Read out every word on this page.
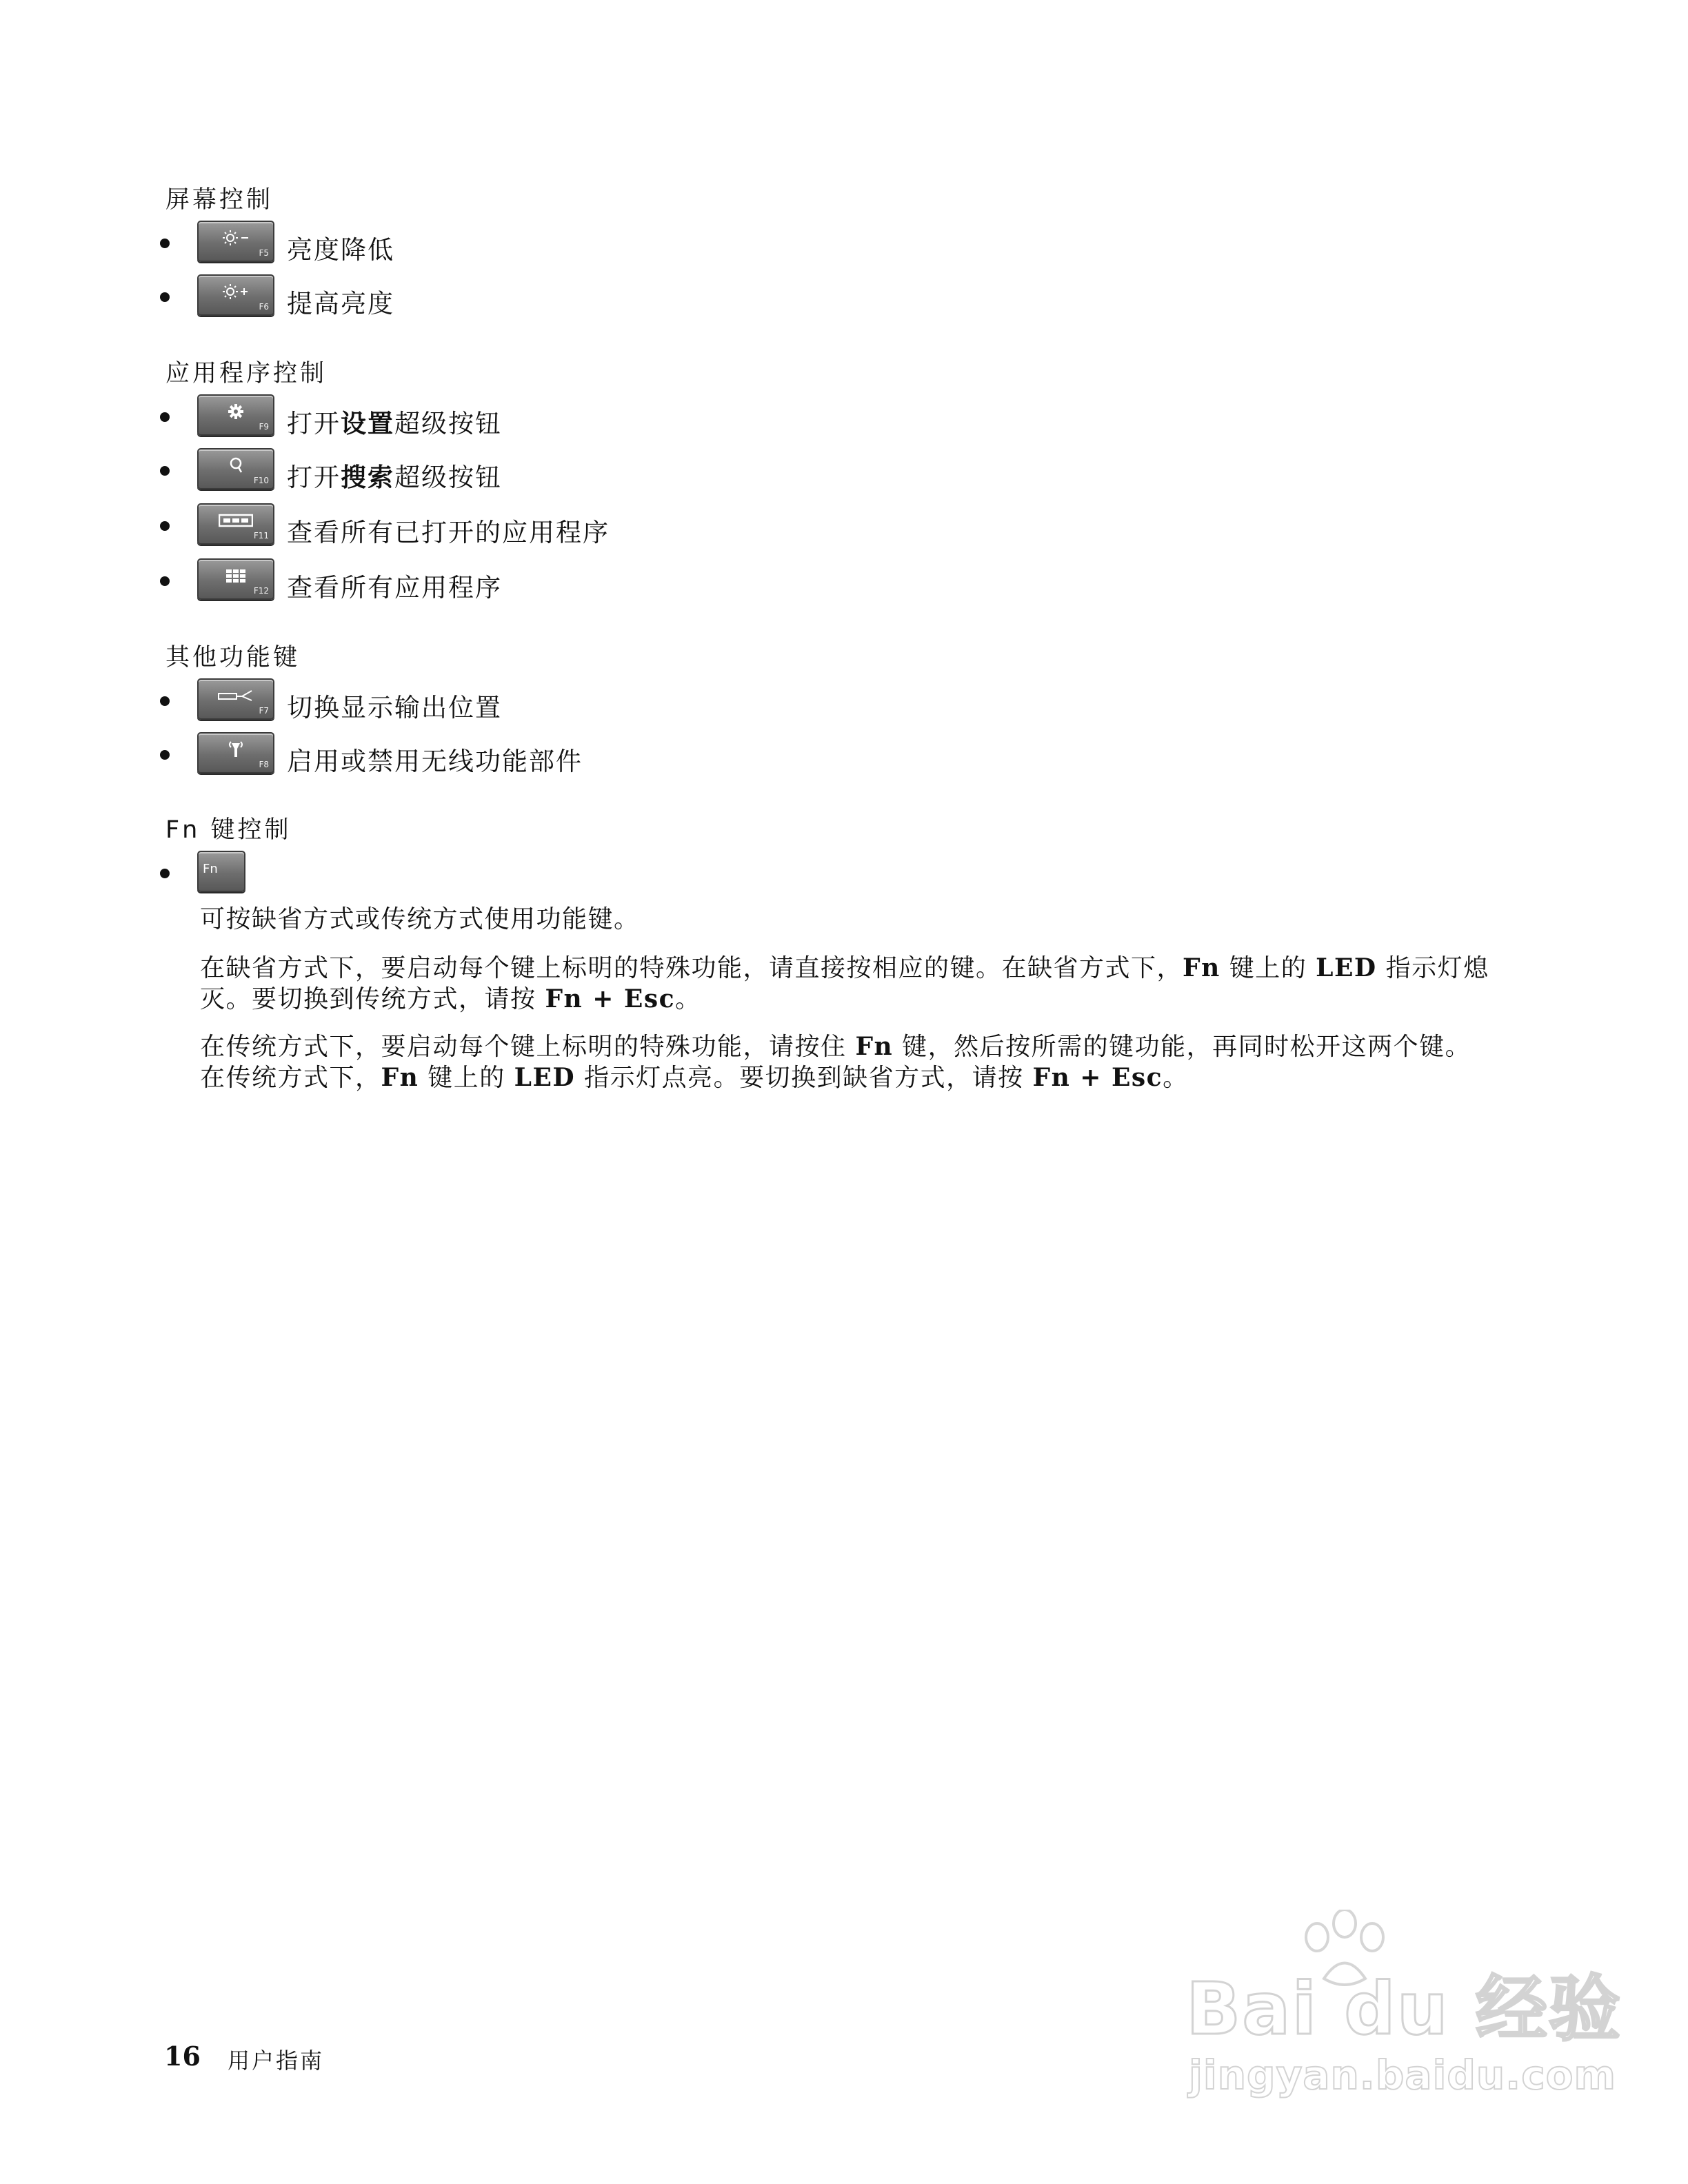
屏幕控制
F5 亮度降低
F6 提高亮度
应用程序控制
F9 打开设置超级按钮
F10 打开搜索超级按钮
F11 查看所有已打开的应用程序
F12 查看所有应用程序
其他功能键
F7 切换显示输出位置
F8 启用或禁用无线功能部件
Fn 键控制
Fn

可按缺省方式或传统方式使用功能键。

在缺省方式下，要启动每个键上标明的特殊功能，请直接按相应的键。在缺省方式下，Fn 键上的 LED 指示灯熄灭。要切换到传统方式，请按 Fn + Esc。

在传统方式下，要启动每个键上标明的特殊功能，请按住 Fn 键，然后按所需的键功能，再同时松开这两个键。在传统方式下，Fn 键上的 LED 指示灯点亮。要切换到缺省方式，请按 Fn + Esc。

16 用户指南
Bai du 经验
jingyan.baidu.com
